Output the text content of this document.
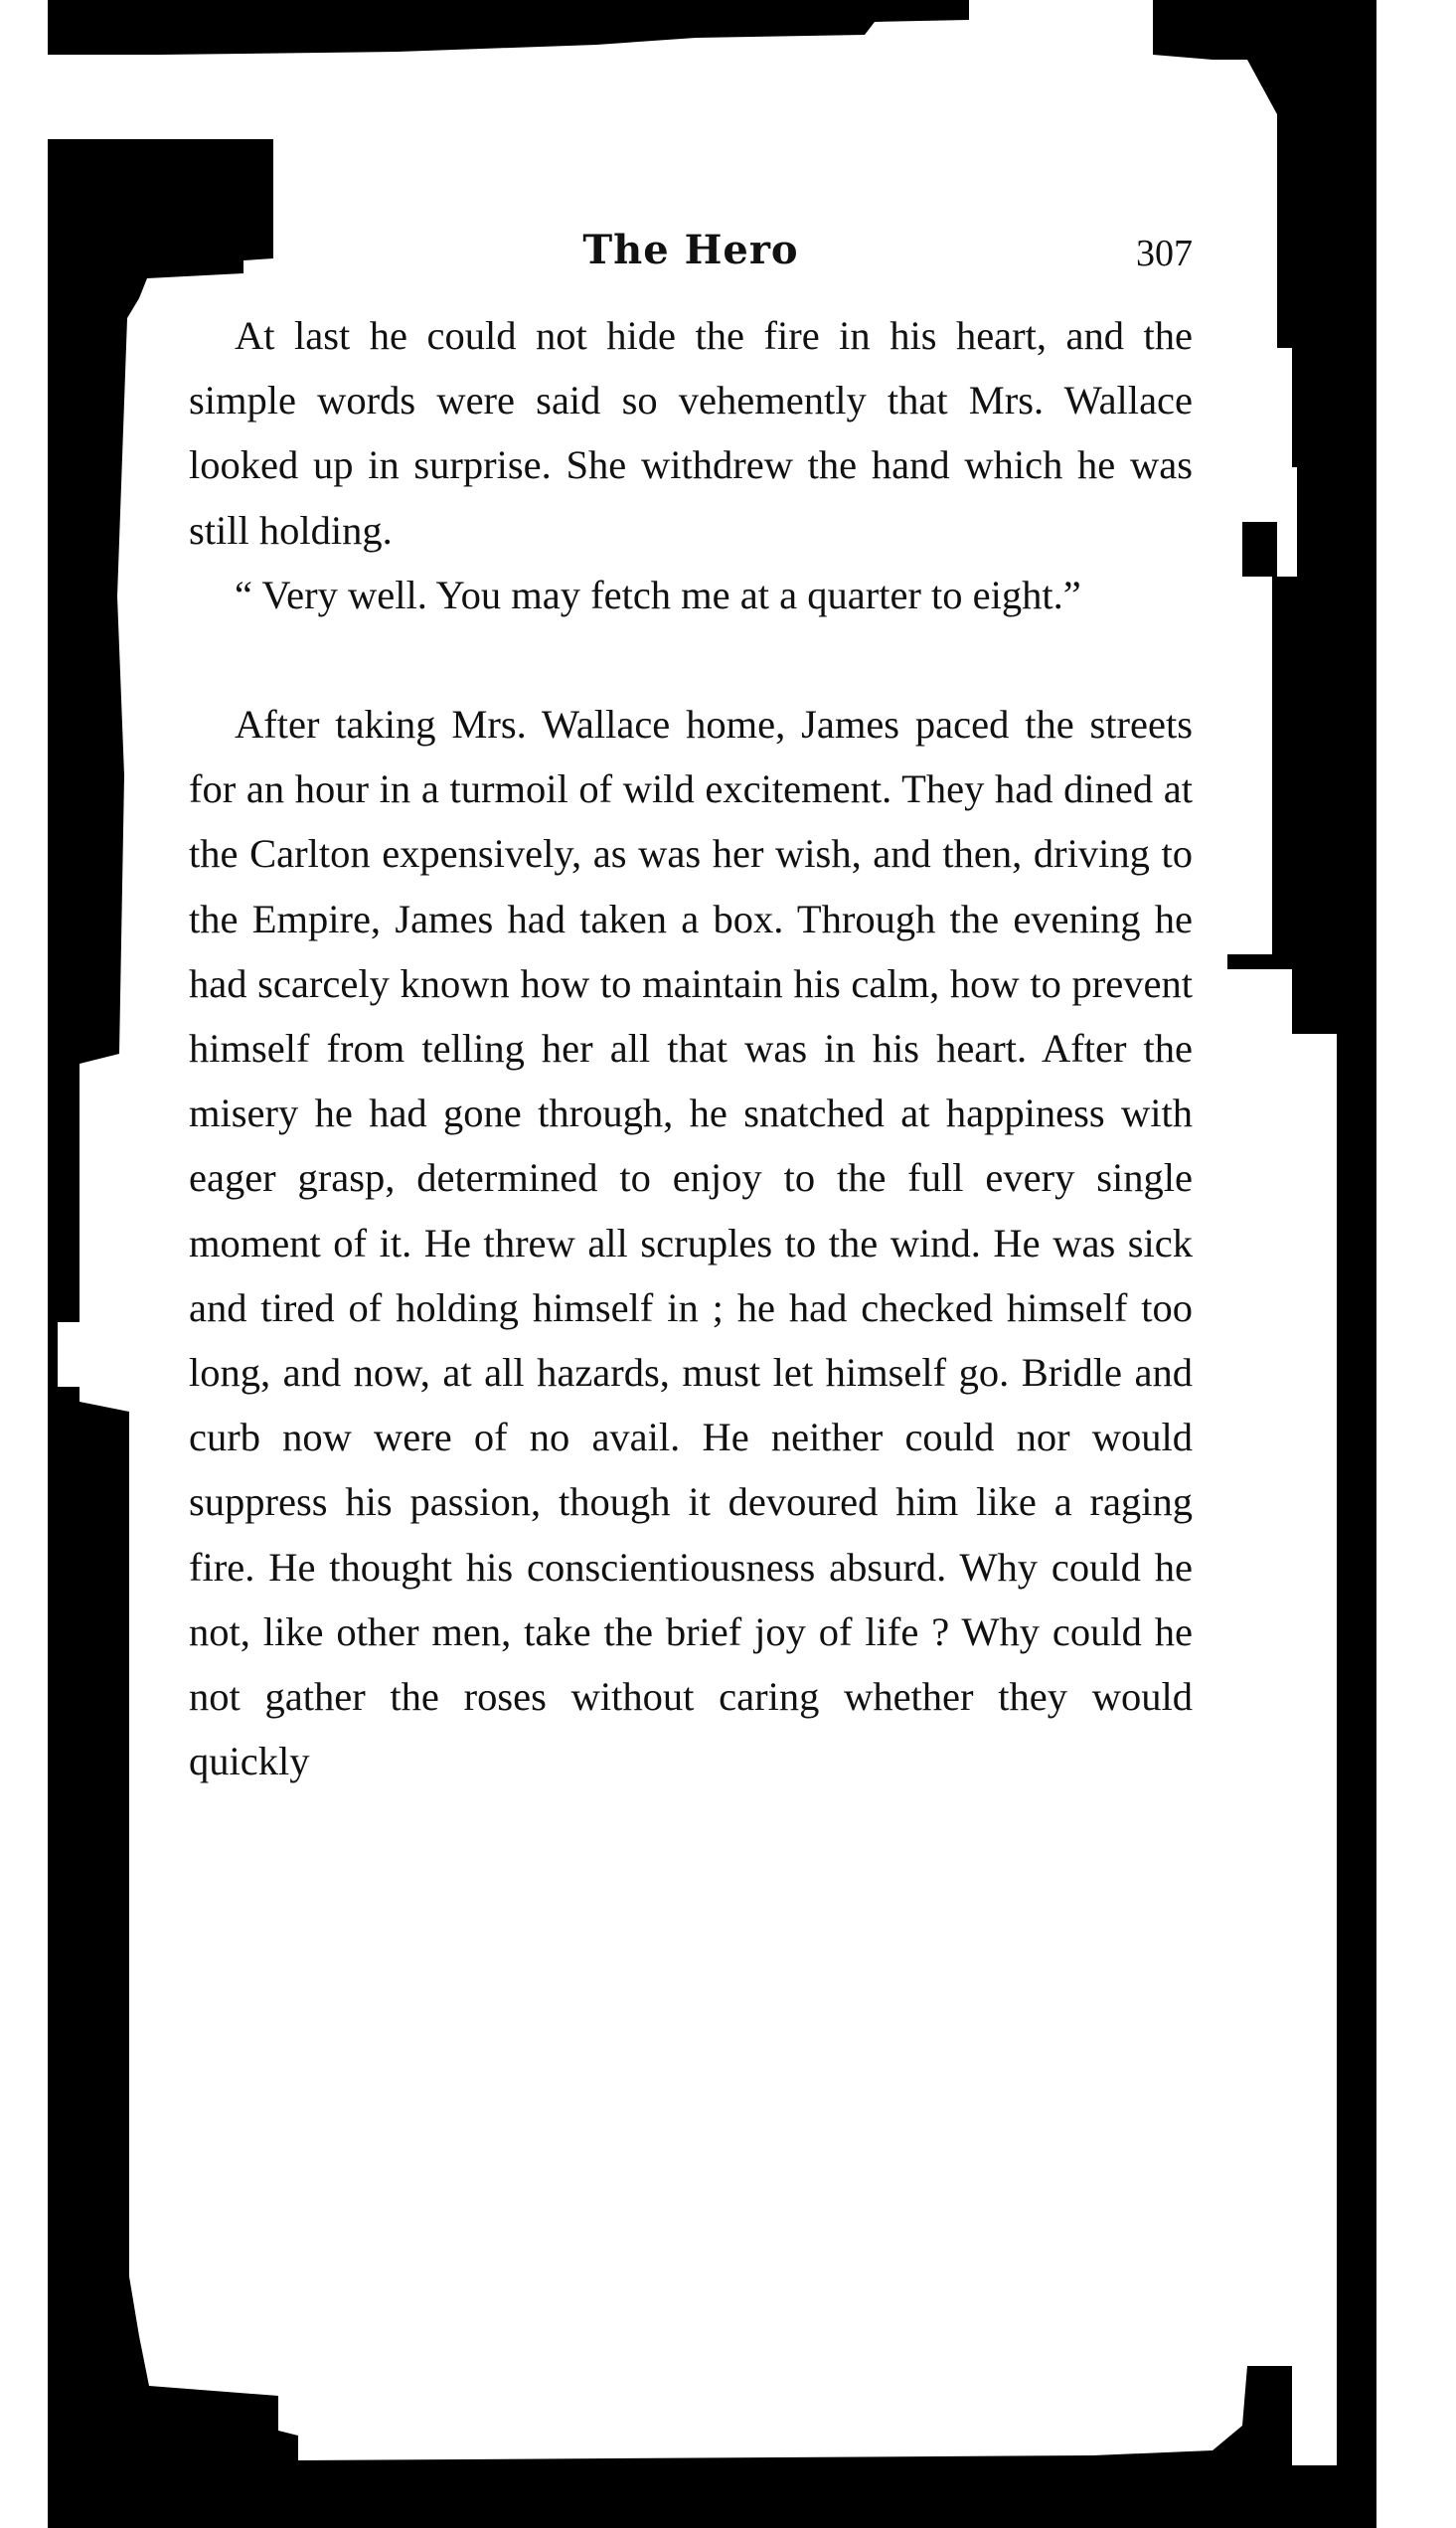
The Hero	307

At last he could not hide the fire in his heart, and the simple words were said so vehemently that Mrs. Wallace looked up in surprise. She withdrew the hand which he was still holding.

“ Very well. You may fetch me at a quarter to eight.”

After taking Mrs. Wallace home, James paced the streets for an hour in a turmoil of wild excitement. They had dined at the Carlton expensively, as was her wish, and then, driving to the Empire, James had taken a box. Through the evening he had scarcely known how to maintain his calm, how to prevent himself from telling her all that was in his heart. After the misery he had gone through, he snatched at happiness with eager grasp, determined to enjoy to the full every single moment of it. He threw all scruples to the wind. He was sick and tired of holding himself in ; he had checked himself too long, and now, at all hazards, must let himself go. Bridle and curb now were of no avail. He neither could nor would suppress his passion, though it devoured him like a raging fire. He thought his conscientiousness absurd. Why could he not, like other men, take the brief joy of life ? Why could he not gather the roses without caring whether they would quickly
